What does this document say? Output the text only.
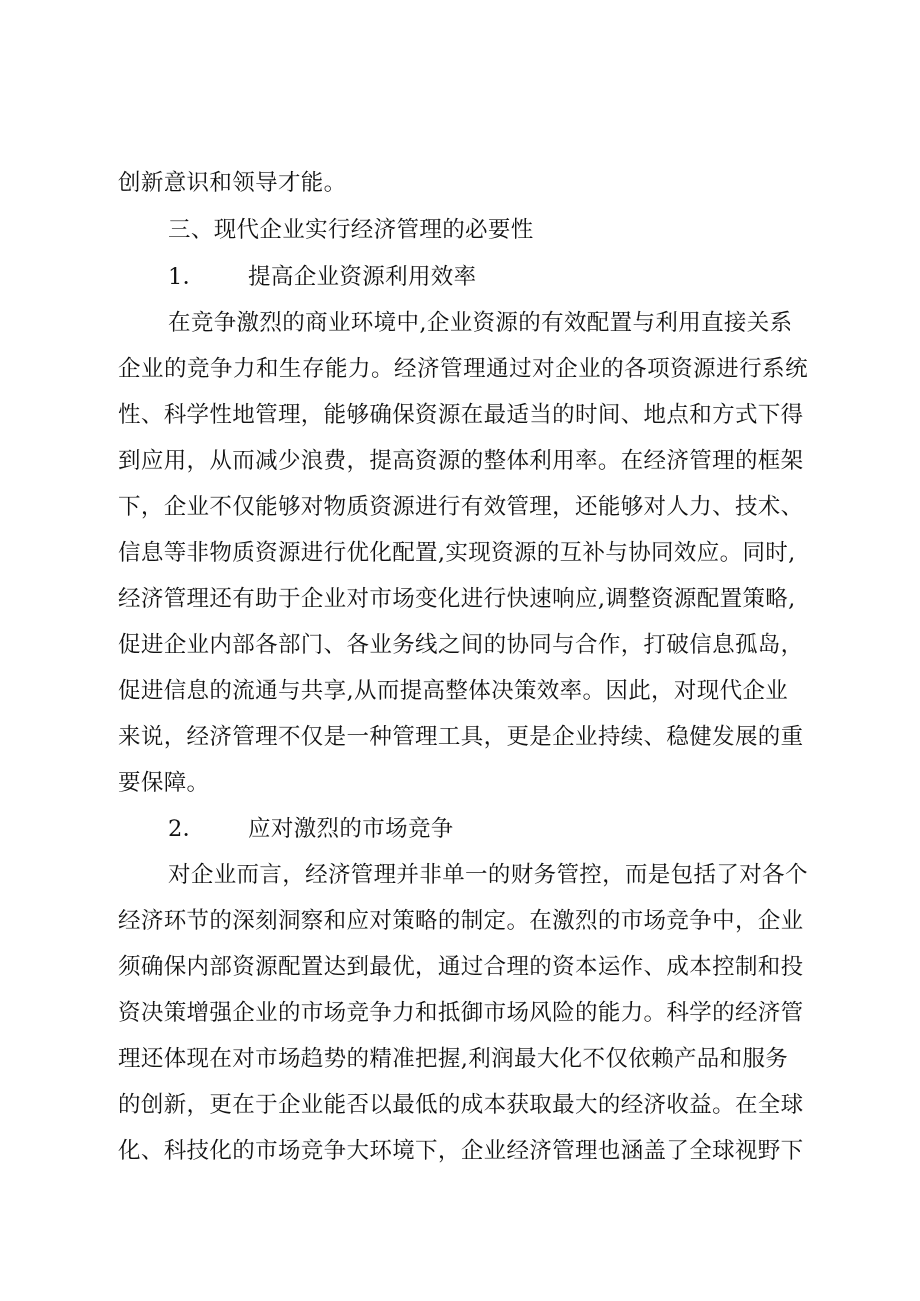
创新意识和领导才能。
三、现代企业实行经济管理的必要性
1． 提高企业资源利用效率
在竞争激烈的商业环境中,企业资源的有效配置与利用直接关系
企业的竞争力和生存能力。经济管理通过对企业的各项资源进行系统
性、科学性地管理，能够确保资源在最适当的时间、地点和方式下得
到应用，从而减少浪费，提高资源的整体利用率。在经济管理的框架
下，企业不仅能够对物质资源进行有效管理，还能够对人力、技术、
信息等非物质资源进行优化配置,实现资源的互补与协同效应。同时,
经济管理还有助于企业对市场变化进行快速响应,调整资源配置策略,
促进企业内部各部门、各业务线之间的协同与合作，打破信息孤岛，
促进信息的流通与共享,从而提高整体决策效率。因此，对现代企业
来说，经济管理不仅是一种管理工具，更是企业持续、稳健发展的重
要保障。
2． 应对激烈的市场竞争
对企业而言，经济管理并非单一的财务管控，而是包括了对各个
经济环节的深刻洞察和应对策略的制定。在激烈的市场竞争中，企业
须确保内部资源配置达到最优，通过合理的资本运作、成本控制和投
资决策增强企业的市场竞争力和抵御市场风险的能力。科学的经济管
理还体现在对市场趋势的精准把握,利润最大化不仅依赖产品和服务
的创新，更在于企业能否以最低的成本获取最大的经济收益。在全球
化、科技化的市场竞争大环境下，企业经济管理也涵盖了全球视野下
